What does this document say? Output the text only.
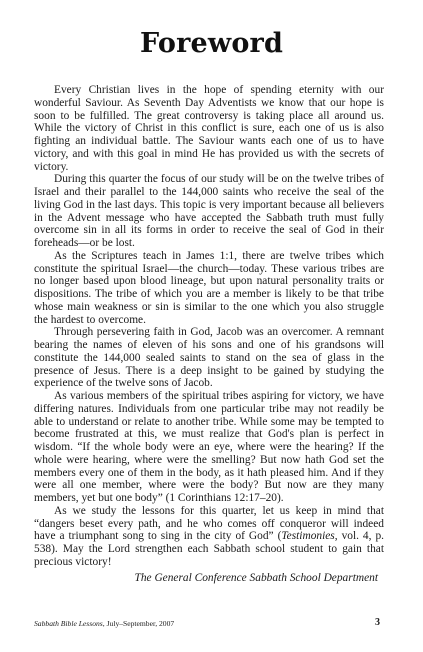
Foreword

Every Christian lives in the hope of spending eternity with our wonderful Saviour. As Seventh Day Adventists we know that our hope is soon to be fulfilled. The great controversy is taking place all around us. While the victory of Christ in this conflict is sure, each one of us is also fighting an individual battle. The Saviour wants each one of us to have victory, and with this goal in mind He has provided us with the secrets of victory.

During this quarter the focus of our study will be on the twelve tribes of Israel and their parallel to the 144,000 saints who receive the seal of the living God in the last days. This topic is very important because all believers in the Advent message who have accepted the Sabbath truth must fully overcome sin in all its forms in order to receive the seal of God in their foreheads—or be lost.

As the Scriptures teach in James 1:1, there are twelve tribes which constitute the spiritual Israel—the church—today. These various tribes are no longer based upon blood lineage, but upon natural personality traits or dispositions. The tribe of which you are a member is likely to be that tribe whose main weakness or sin is similar to the one which you also struggle the hardest to overcome.

Through persevering faith in God, Jacob was an overcomer. A remnant bearing the names of eleven of his sons and one of his grandsons will constitute the 144,000 sealed saints to stand on the sea of glass in the presence of Jesus. There is a deep insight to be gained by studying the experience of the twelve sons of Jacob.

As various members of the spiritual tribes aspiring for victory, we have differing natures. Individuals from one particular tribe may not readily be able to understand or relate to another tribe. While some may be tempted to become frustrated at this, we must realize that God's plan is perfect in wisdom. “If the whole body were an eye, where were the hearing? If the whole were hearing, where were the smelling? But now hath God set the members every one of them in the body, as it hath pleased him. And if they were all one member, where were the body? But now are they many members, yet but one body” (1 Corinthians 12:17–20).

As we study the lessons for this quarter, let us keep in mind that “dangers beset every path, and he who comes off conqueror will indeed have a triumphant song to sing in the city of God” (Testimonies, vol. 4, p. 538). May the Lord strengthen each Sabbath school student to gain that precious victory!

The General Conference Sabbath School Department
Sabbath Bible Lessons, July–September, 2007	3
